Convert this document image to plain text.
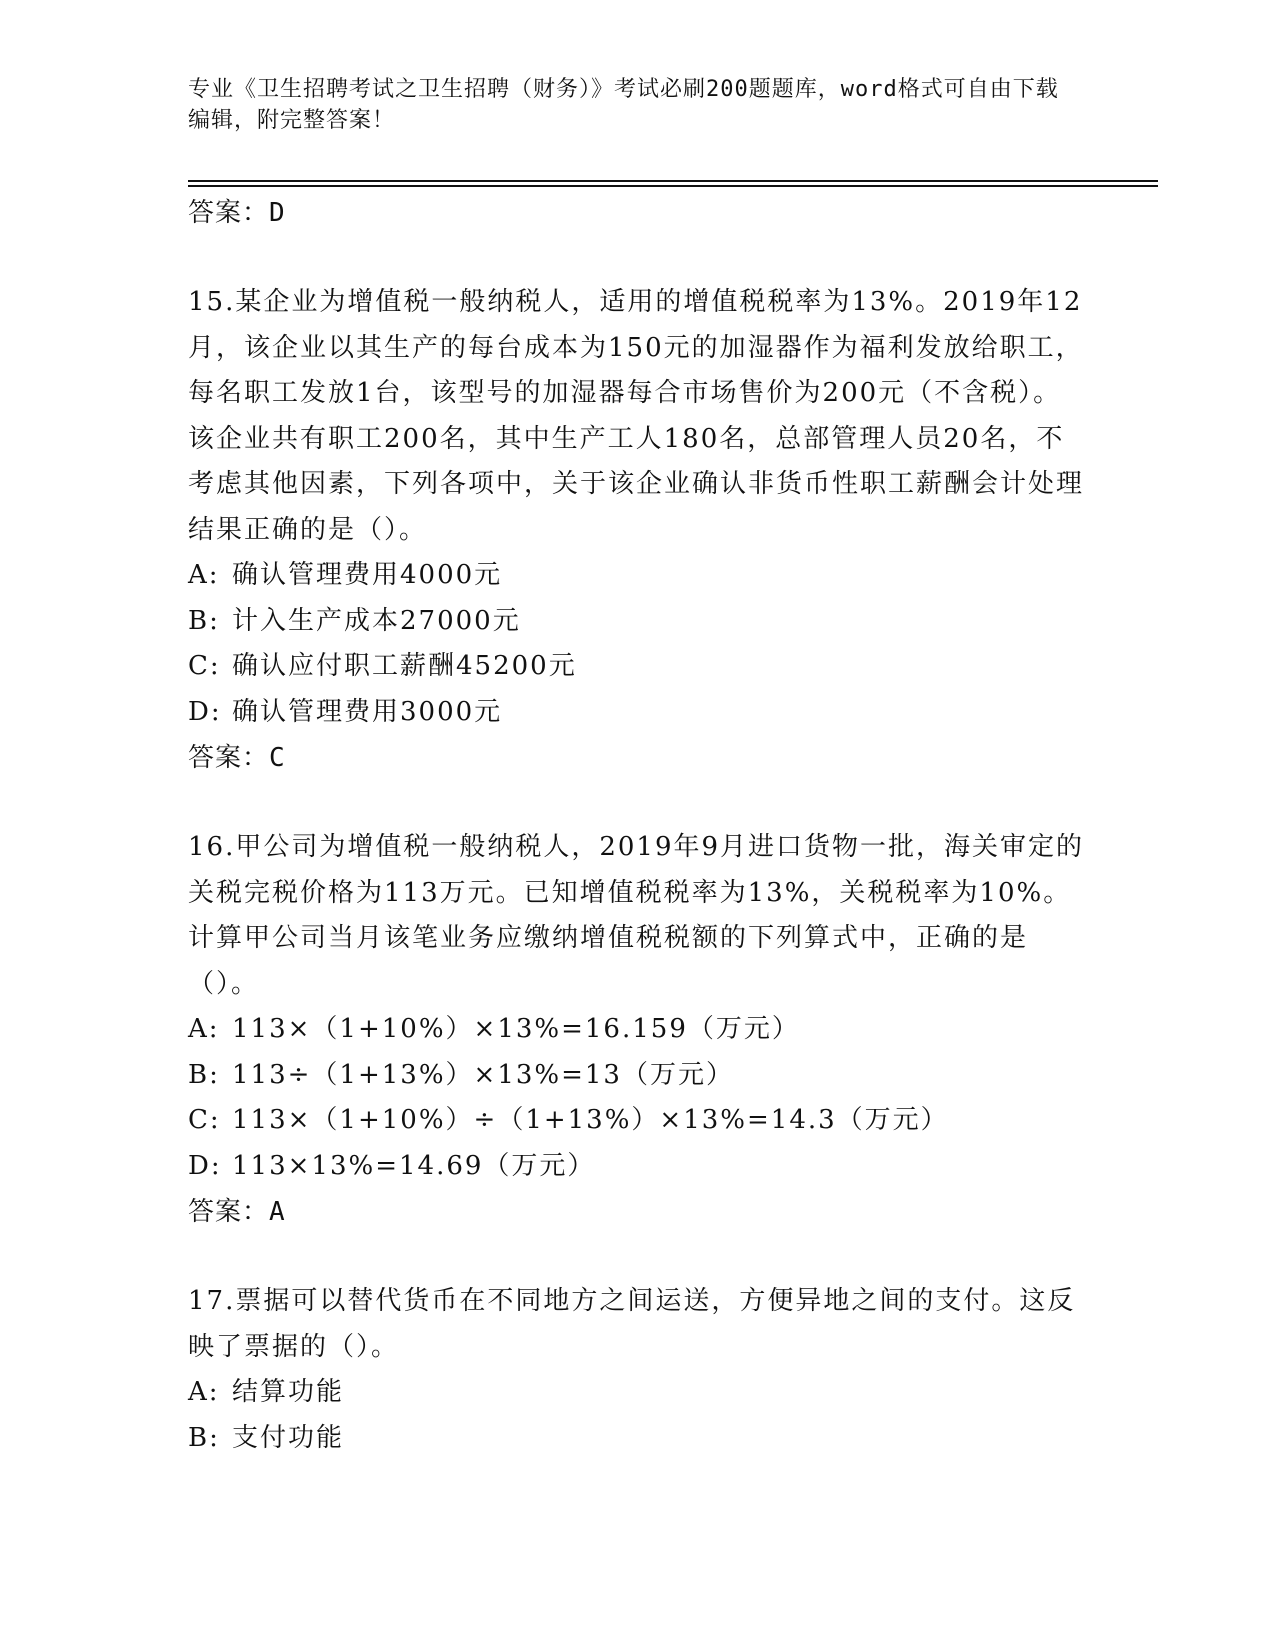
专业《卫生招聘考试之卫生招聘（财务）》考试必刷200题题库，word格式可自由下载编辑，附完整答案！
答案：D

15.某企业为增值税一般纳税人，适用的增值税税率为13%。2019年12月，该企业以其生产的每台成本为150元的加湿器作为福利发放给职工，每名职工发放1台，该型号的加湿器每合市场售价为200元（不含税）。该企业共有职工200名，其中生产工人180名，总部管理人员20名，不考虑其他因素，下列各项中，关于该企业确认非货币性职工薪酬会计处理结果正确的是（）。

A: 确认管理费用4000元
B: 计入生产成本27000元
C: 确认应付职工薪酬45200元
D: 确认管理费用3000元
答案：C

16.甲公司为增值税一般纳税人，2019年9月进口货物一批，海关审定的关税完税价格为113万元。已知增值税税率为13%，关税税率为10%。计算甲公司当月该笔业务应缴纳增值税税额的下列算式中，正确的是（）。

A: 113×（1+10%）×13%=16.159（万元）
B: 113÷（1+13%）×13%=13（万元）
C: 113×（1+10%）÷（1+13%）×13%=14.3（万元）
D: 113×13%=14.69（万元）
答案：A

17.票据可以替代货币在不同地方之间运送，方便异地之间的支付。这反映了票据的（）。

A: 结算功能
B: 支付功能
